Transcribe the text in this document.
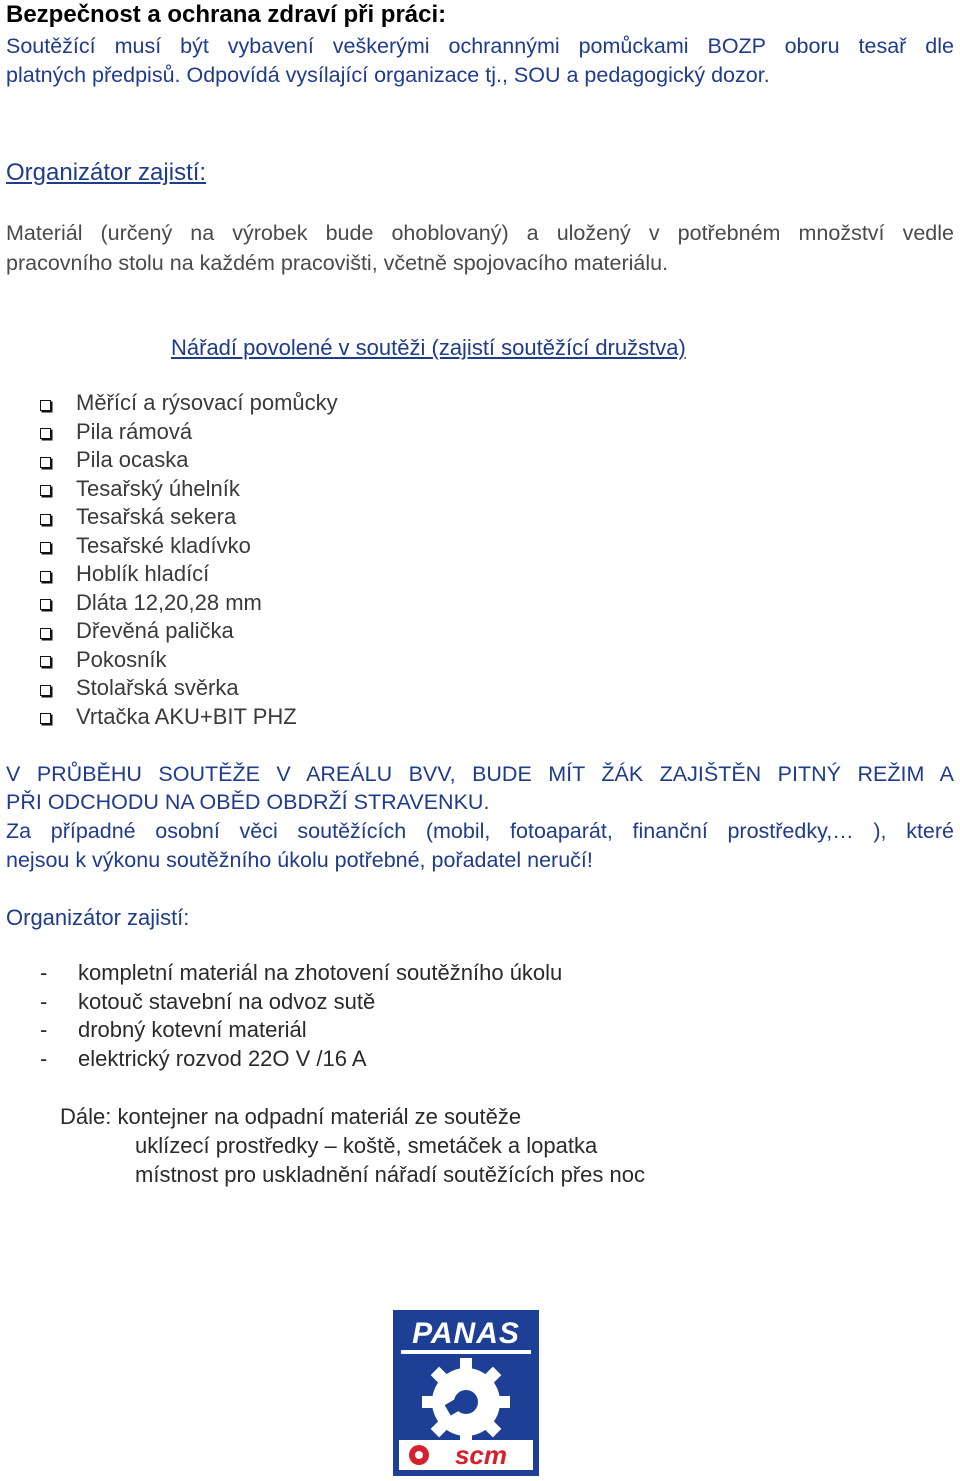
Bezpečnost a ochrana zdraví při práci:
Soutěžící musí být vybavení veškerými ochrannými pomůckami BOZP oboru tesař dle
platných předpisů. Odpovídá vysílající organizace tj., SOU a pedagogický dozor.
Organizátor zajistí:
Materiál (určený na výrobek bude ohoblovaný) a uložený v potřebném množství vedle
pracovního stolu na každém pracovišti, včetně spojovacího materiálu.
Nářadí povolené v soutěži (zajistí soutěžící družstva)
Měřící a rýsovací pomůcky
Pila rámová
Pila ocaska
Tesařský úhelník
Tesařská sekera
Tesařské kladívko
Hoblík hladící
Dláta 12,20,28 mm
Dřevěná palička
Pokosník
Stolařská svěrka
Vrtačka AKU+BIT PHZ
V PRŮBĚHU SOUTĚŽE V AREÁLU BVV, BUDE MÍT ŽÁK ZAJIŠTĚN PITNÝ REŽIM A
PŘI ODCHODU NA OBĚD OBDRŽÍ STRAVENKU.
Za případné osobní věci soutěžících (mobil, fotoaparát, finanční prostředky,… ), které
nejsou k výkonu soutěžního úkolu potřebné, pořadatel neručí!
Organizátor zajistí:
-	kompletní materiál na zhotovení soutěžního úkolu
-	kotouč stavební na odvoz sutě
-	drobný kotevní materiál
-	elektrický rozvod 22O V /16 A
Dále: kontejner na odpadní materiál ze soutěže
uklízecí prostředky – koště, smetáček a lopatka
místnost pro uskladnění nářadí soutěžících přes noc
PANAS
scm
